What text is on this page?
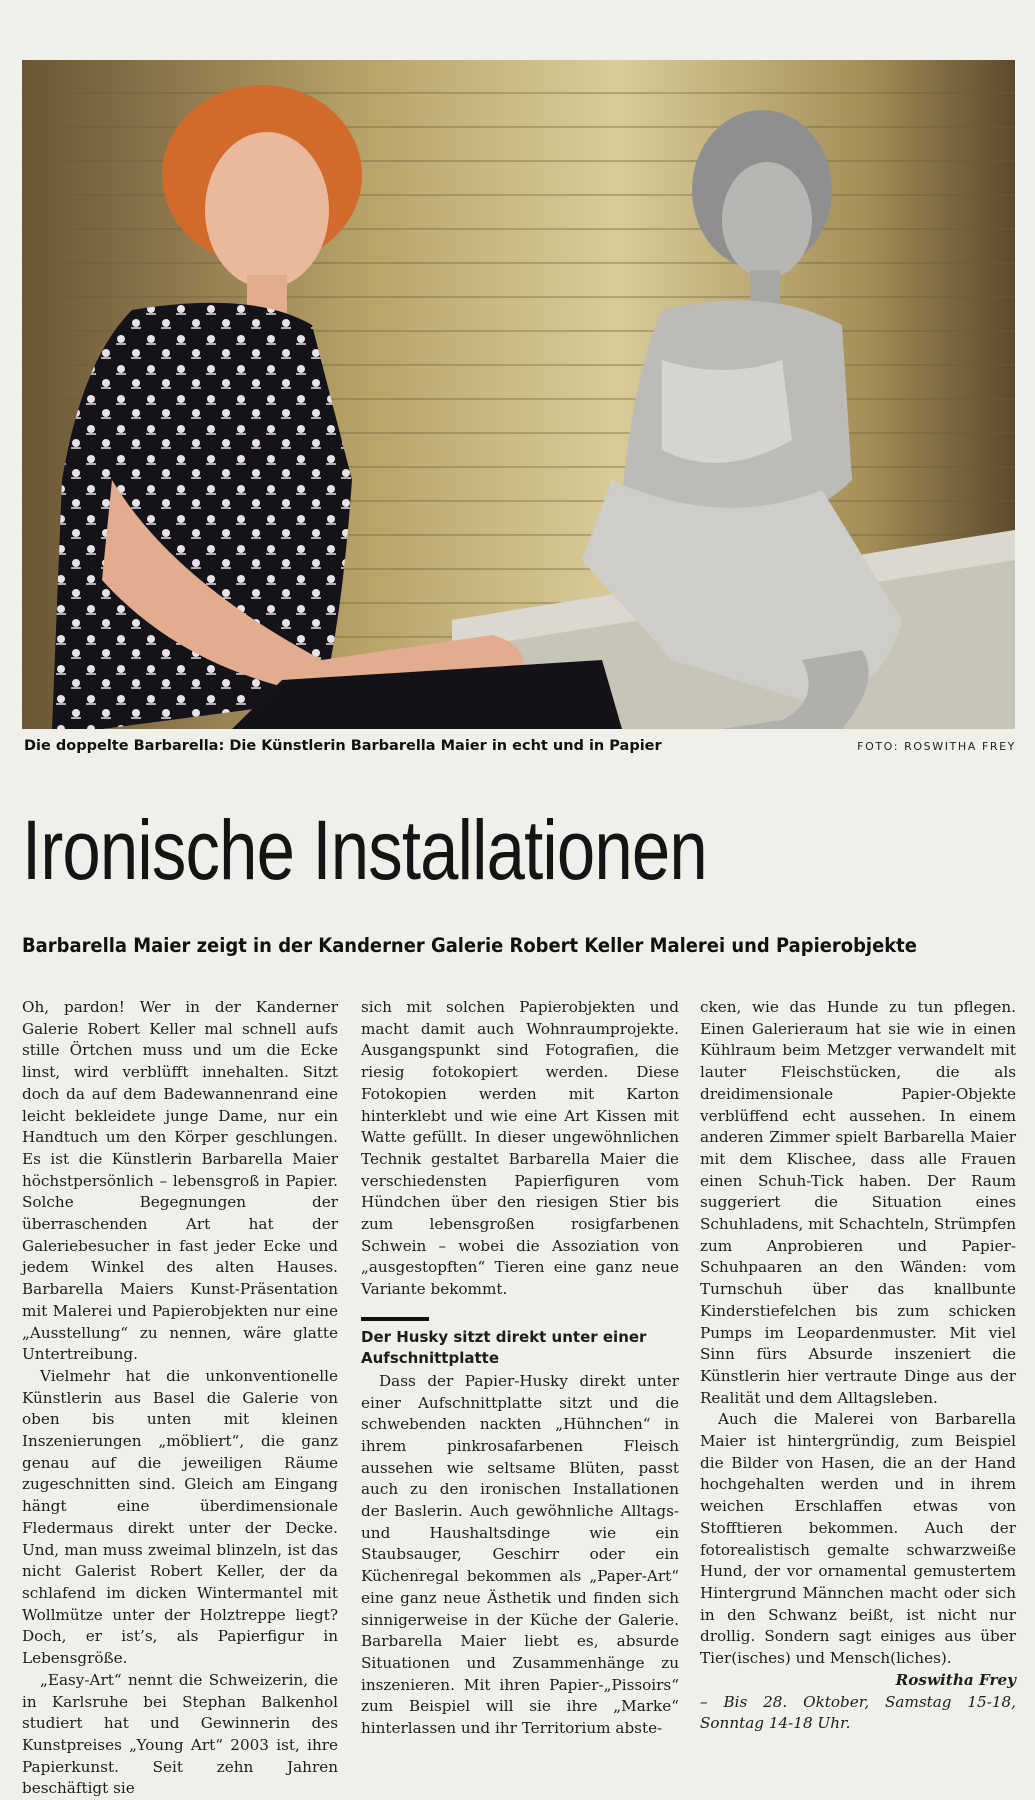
Die doppelte Barbarella: Die Künstlerin Barbarella Maier in echt und in Papier	FOTO: ROSWITHA FREY
Ironische Installationen
Barbarella Maier zeigt in der Kanderner Galerie Robert Keller Malerei und Papierobjekte

Oh, pardon! Wer in der Kanderner Galerie Robert Keller mal schnell aufs stille Örtchen muss und um die Ecke linst, wird verblüfft innehalten. Sitzt doch da auf dem Badewannenrand eine leicht bekleidete junge Dame, nur ein Handtuch um den Körper geschlungen. Es ist die Künstlerin Barbarella Maier höchstpersönlich – lebensgroß in Papier. Solche Begegnungen der überraschenden Art hat der Galeriebesucher in fast jeder Ecke und jedem Winkel des alten Hauses. Barbarella Maiers Kunst-Präsentation mit Malerei und Papierobjekten nur eine „Ausstellung“ zu nennen, wäre glatte Untertreibung.

Vielmehr hat die unkonventionelle Künstlerin aus Basel die Galerie von oben bis unten mit kleinen Inszenierungen „möbliert“, die ganz genau auf die jeweiligen Räume zugeschnitten sind. Gleich am Eingang hängt eine überdimensionale Fledermaus direkt unter der Decke. Und, man muss zweimal blinzeln, ist das nicht Galerist Robert Keller, der da schlafend im dicken Wintermantel mit Wollmütze unter der Holztreppe liegt? Doch, er ist’s, als Papierfigur in Lebensgröße.

„Easy-Art“ nennt die Schweizerin, die in Karlsruhe bei Stephan Balkenhol studiert hat und Gewinnerin des Kunstpreises „Young Art“ 2003 ist, ihre Papierkunst. Seit zehn Jahren beschäftigt sie

sich mit solchen Papierobjekten und macht damit auch Wohnraumprojekte. Ausgangspunkt sind Fotografien, die riesig fotokopiert werden. Diese Fotokopien werden mit Karton hinterklebt und wie eine Art Kissen mit Watte gefüllt. In dieser ungewöhnlichen Technik gestaltet Barbarella Maier die verschiedensten Papierfiguren vom Hündchen über den riesigen Stier bis zum lebensgroßen rosigfarbenen Schwein – wobei die Assoziation von „ausgestopften“ Tieren eine ganz neue Variante bekommt.

Der Husky sitzt direkt unter einer Aufschnittplatte

Dass der Papier-Husky direkt unter einer Aufschnittplatte sitzt und die schwebenden nackten „Hühnchen“ in ihrem pinkrosafarbenen Fleisch aussehen wie seltsame Blüten, passt auch zu den ironischen Installationen der Baslerin. Auch gewöhnliche Alltags- und Haushaltsdinge wie ein Staubsauger, Geschirr oder ein Küchenregal bekommen als „Paper-Art“ eine ganz neue Ästhetik und finden sich sinnigerweise in der Küche der Galerie. Barbarella Maier liebt es, absurde Situationen und Zusammenhänge zu inszenieren. Mit ihren Papier-„Pissoirs“ zum Beispiel will sie ihre „Marke“ hinterlassen und ihr Territorium abste-

cken, wie das Hunde zu tun pflegen. Einen Galerieraum hat sie wie in einen Kühlraum beim Metzger verwandelt mit lauter Fleischstücken, die als dreidimensionale Papier-Objekte verblüffend echt aussehen. In einem anderen Zimmer spielt Barbarella Maier mit dem Klischee, dass alle Frauen einen Schuh-Tick haben. Der Raum suggeriert die Situation eines Schuhladens, mit Schachteln, Strümpfen zum Anprobieren und Papier-Schuhpaaren an den Wänden: vom Turnschuh über das knallbunte Kinderstiefelchen bis zum schicken Pumps im Leopardenmuster. Mit viel Sinn fürs Absurde inszeniert die Künstlerin hier vertraute Dinge aus der Realität und dem Alltagsleben.

Auch die Malerei von Barbarella Maier ist hintergründig, zum Beispiel die Bilder von Hasen, die an der Hand hochgehalten werden und in ihrem weichen Erschlaffen etwas von Stofftieren bekommen. Auch der fotorealistisch gemalte schwarzweiße Hund, der vor ornamental gemustertem Hintergrund Männchen macht oder sich in den Schwanz beißt, ist nicht nur drollig. Sondern sagt einiges aus über Tier(isches) und Mensch(liches).

Roswitha Frey

– Bis 28. Oktober, Samstag 15-18, Sonntag 14-18 Uhr.
